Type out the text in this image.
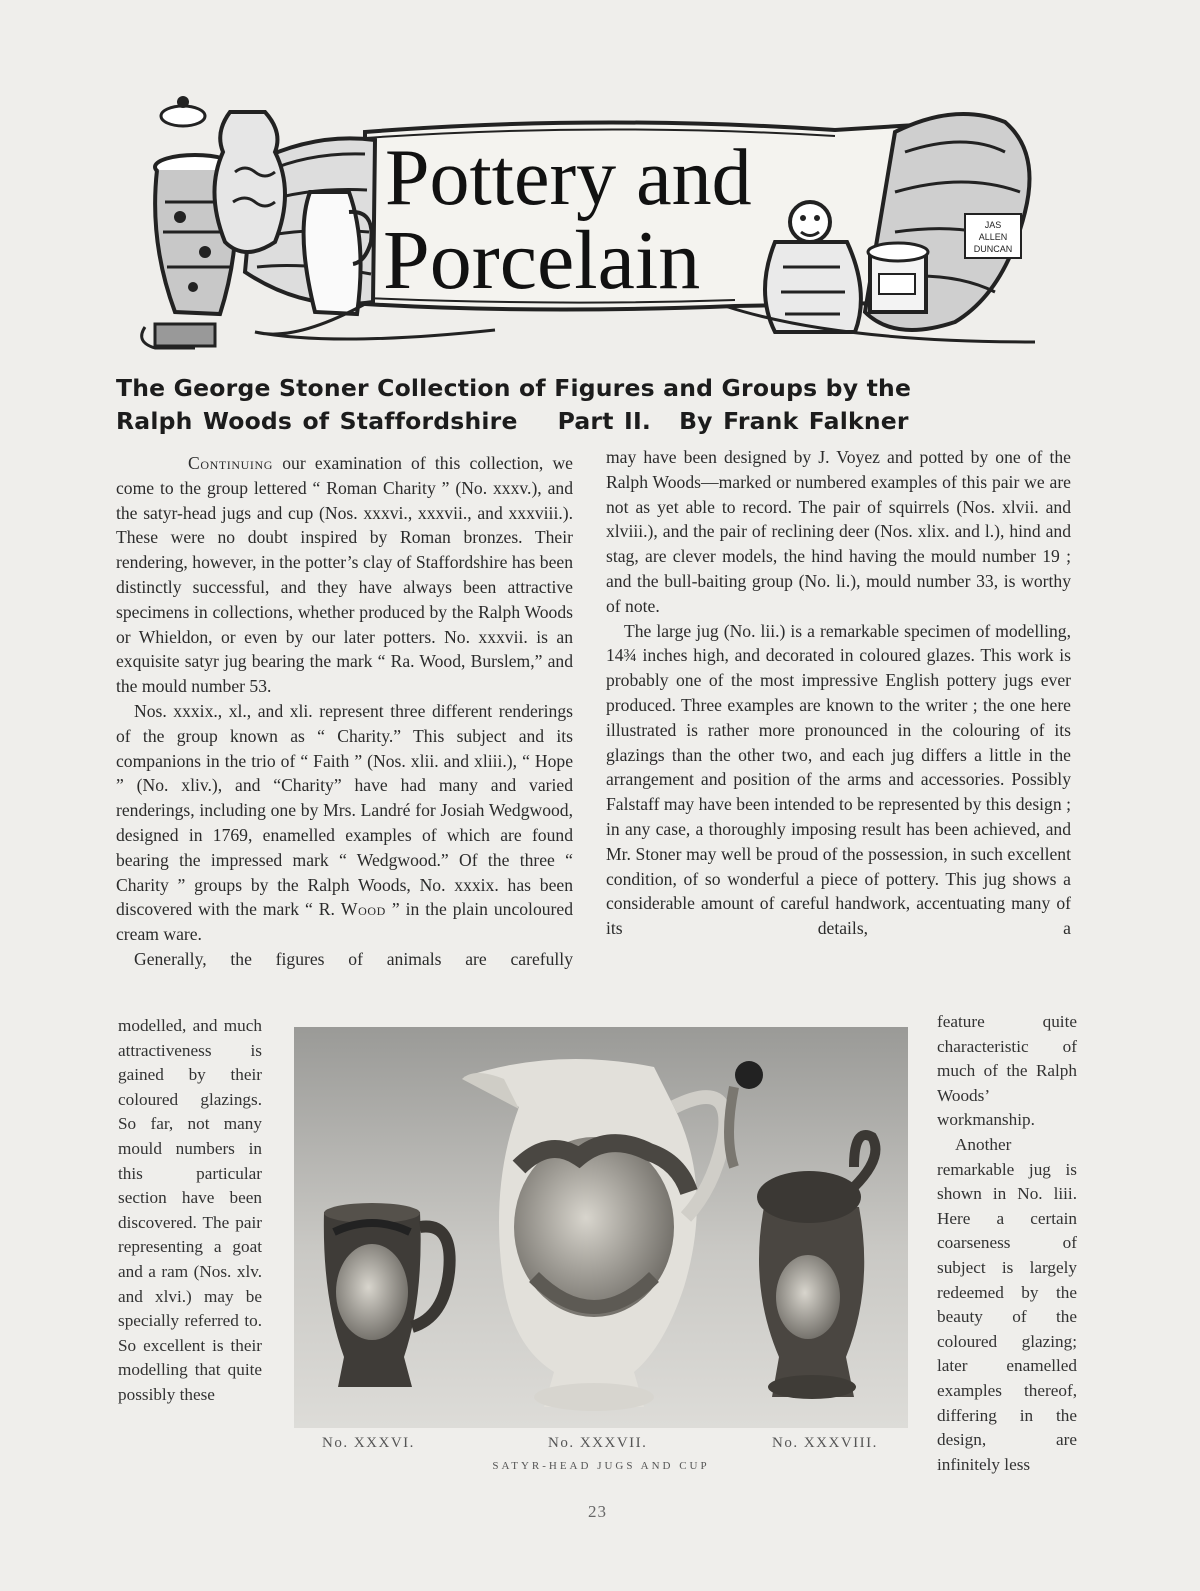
JAS
ALLEN
DUNCAN
Pottery and
Porcelain
The George Stoner Collection of Figures and Groups by the
Ralph Woods of Staffordshire Part II. By Frank Falkner

Continuing our examination of this collection, we come to the group lettered “ Roman Charity ” (No. xxxv.), and the satyr-head jugs and cup (Nos. xxxvi., xxxvii., and xxxviii.). These were no doubt inspired by Roman bronzes. Their rendering, however, in the potter’s clay of Staffordshire has been distinctly successful, and they have always been attractive specimens in collections, whether produced by the Ralph Woods or Whieldon, or even by our later potters. No. xxxvii. is an exquisite satyr jug bearing the mark “ Ra. Wood, Burslem,” and the mould number 53.

Nos. xxxix., xl., and xli. represent three different renderings of the group known as “ Charity.” This subject and its companions in the trio of “ Faith ” (Nos. xlii. and xliii.), “ Hope ” (No. xliv.), and “Charity” have had many and varied renderings, including one by Mrs. Landré for Josiah Wedgwood, designed in 1769, enamelled examples of which are found bearing the impressed mark “ Wedgwood.” Of the three “ Charity ” groups by the Ralph Woods, No. xxxix. has been discovered with the mark “ R. Wood ” in the plain uncoloured cream ware.

Generally, the figures of animals are carefully

modelled, and much attractiveness is gained by their coloured glazings. So far, not many mould numbers in this particular section have been discovered. The pair representing a goat and a ram (Nos. xlv. and xlvi.) may be specially referred to. So excellent is their modelling that quite possibly these

may have been designed by J. Voyez and potted by one of the Ralph Woods—marked or numbered examples of this pair we are not as yet able to record. The pair of squirrels (Nos. xlvii. and xlviii.), and the pair of reclining deer (Nos. xlix. and l.), hind and stag, are clever models, the hind having the mould number 19 ; and the bull-baiting group (No. li.), mould number 33, is worthy of note.

The large jug (No. lii.) is a remarkable specimen of modelling, 14¾ inches high, and decorated in coloured glazes. This work is probably one of the most impressive English pottery jugs ever produced. Three examples are known to the writer ; the one here illustrated is rather more pronounced in the colouring of its glazings than the other two, and each jug differs a little in the arrangement and position of the arms and accessories. Possibly Falstaff may have been intended to be represented by this design ; in any case, a thoroughly imposing result has been achieved, and Mr. Stoner may well be proud of the possession, in such excellent condition, of so wonderful a piece of pottery. This jug shows a considerable amount of careful handwork, accentuating many of its details, a

feature quite characteristic of much of the Ralph Woods’ workmanship.

Another remarkable jug is shown in No. liii. Here a certain coarseness of subject is largely redeemed by the beauty of the coloured glazing; later enamelled examples thereof, differing in the design, are infinitely less

No. XXXVI.	No. XXXVII.	No. XXXVIII.
SATYR-HEAD JUGS AND CUP
23
